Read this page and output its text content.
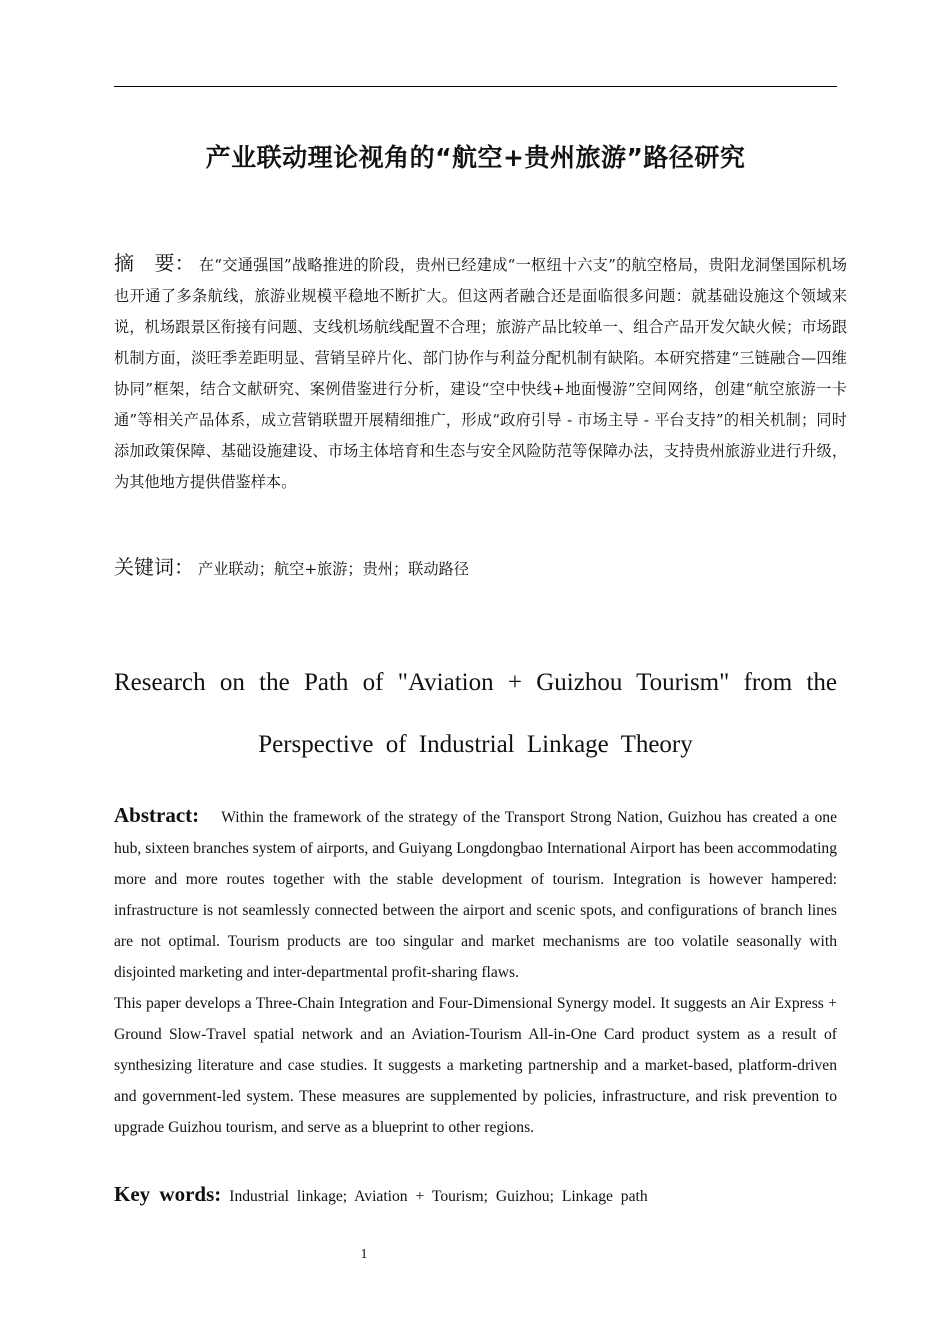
产业联动理论视角的“航空+贵州旅游”路径研究
摘　要： 在“交通强国”战略推进的阶段，贵州已经建成“一枢纽十六支”的航空格局，贵阳龙洞堡国际机场也开通了多条航线，旅游业规模平稳地不断扩大。但这两者融合还是面临很多问题：就基础设施这个领域来说，机场跟景区衔接有问题、支线机场航线配置不合理；旅游产品比较单一、组合产品开发欠缺火候；市场跟机制方面，淡旺季差距明显、营销呈碎片化、部门协作与利益分配机制有缺陷。本研究搭建“三链融合—四维协同”框架，结合文献研究、案例借鉴进行分析，建设“空中快线+地面慢游”空间网络，创建“航空旅游一卡通”等相关产品体系，成立营销联盟开展精细推广，形成“政府引导 - 市场主导 - 平台支持”的相关机制；同时添加政策保障、基础设施建设、市场主体培育和生态与安全风险防范等保障办法，支持贵州旅游业进行升级，为其他地方提供借鉴样本。
关键词： 产业联动；航空+旅游；贵州；联动路径
Research on the Path of "Aviation + Guizhou Tourism" from the
Perspective of Industrial Linkage Theory
Abstract: Within the framework of the strategy of the Transport Strong Nation, Guizhou has created a one hub, sixteen branches system of airports, and Guiyang Longdongbao International Airport has been accommodating more and more routes together with the stable development of tourism. Integration is however hampered: infrastructure is not seamlessly connected between the airport and scenic spots, and configurations of branch lines are not optimal. Tourism products are too singular and market mechanisms are too volatile seasonally with disjointed marketing and inter-departmental profit-sharing flaws.
This paper develops a Three-Chain Integration and Four-Dimensional Synergy model. It suggests an Air Express + Ground Slow-Travel spatial network and an Aviation-Tourism All-in-One Card product system as a result of synthesizing literature and case studies. It suggests a marketing partnership and a market-based, platform-driven and government-led system. These measures are supplemented by policies, infrastructure, and risk prevention to upgrade Guizhou tourism, and serve as a blueprint to other regions.
Key words: Industrial linkage; Aviation + Tourism; Guizhou; Linkage path
1
